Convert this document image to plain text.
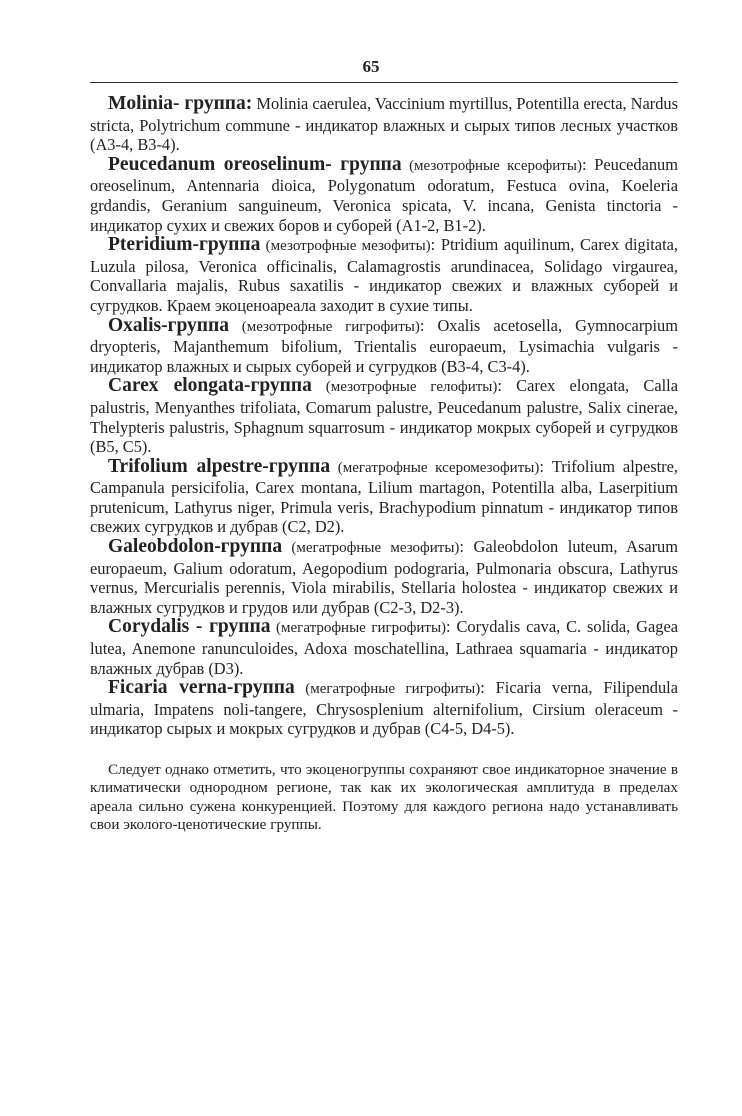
65

Molinia- группа: Molinia caerulea, Vaccinium myrtillus, Potentilla erecta, Nardus stricta, Polytrichum commune - индикатор влажных и сырых типов лесных участков (А3-4, В3-4).

Peucedanum oreoselinum- группа (мезотрофные ксерофиты): Peucedanum oreoselinum, Antennaria dioica, Polygonatum odoratum, Festuca ovina, Koeleria grdandis, Geranium sanguineum, Veronica spicata, V. incana, Genista tinctoria - индикатор сухих и свежих боров и суборей (А1-2, В1-2).

Pteridium-группа (мезотрофные мезофиты): Ptridium aquilinum, Carex digitata, Luzula pilosa, Veronica officinalis, Calamagrostis arundinacea, Solidago virgaurea, Convallaria majalis, Rubus saxatilis - индикатор свежих и влажных суборей и сугрудков. Краем экоценоареала заходит в сухие типы.

Oxalis-группа (мезотрофные гигрофиты): Oxalis acetosella, Gymnocarpium dryopteris, Majanthemum bifolium, Trientalis europaeum, Lysimachia vulgaris - индикатор влажных и сырых суборей и сугрудков (В3-4, С3-4).

Carex elongata-группа (мезотрофные гелофиты): Carex elongata, Calla palustris, Menyanthes trifoliata, Comarum palustre, Peucedanum palustre, Salix cinerae, Thelypteris palustris, Sphagnum squarrosum - индикатор мокрых суборей и сугрудков (В5, С5).

Trifolium alpestre-группа (мегатрофные ксеромезофиты): Trifolium alpestre, Campanula persicifolia, Carex montana, Lilium martagon, Potentilla alba, Laserpitium prutenicum, Lathyrus niger, Primula veris, Brachypodium pinnatum - индикатор типов свежих сугрудков и дубрав (С2, D2).

Galeobdolon-группа (мегатрофные мезофиты): Galeobdolon luteum, Asarum europaeum, Galium odoratum, Aegopodium podograria, Pulmonaria obscura, Lathyrus vernus, Mercurialis perennis, Viola mirabilis, Stellaria holostea - индикатор свежих и влажных сугрудков и грудов или дубрав (С2-3, D2-3).

Corydalis - группа (мегатрофные гигрофиты): Corydalis cava, C. solida, Gagea lutea, Anemone ranunculoides, Adoxa moschatellina, Lathraea squamaria - индикатор влажных дубрав (D3).

Ficaria verna-группа (мегатрофные гигрофиты): Ficaria verna, Filipendula ulmaria, Impatens noli-tangere, Chrysosplenium alternifolium, Cirsium oleraceum - индикатор сырых и мокрых сугрудков и дубрав (С4-5, D4-5).

Следует однако отметить, что экоценогруппы сохраняют свое индикаторное значение в климатически однородном регионе, так как их экологическая амплитуда в пределах ареала сильно сужена конкуренцией. Поэтому для каждого региона надо устанавливать свои эколого-ценотические группы.
